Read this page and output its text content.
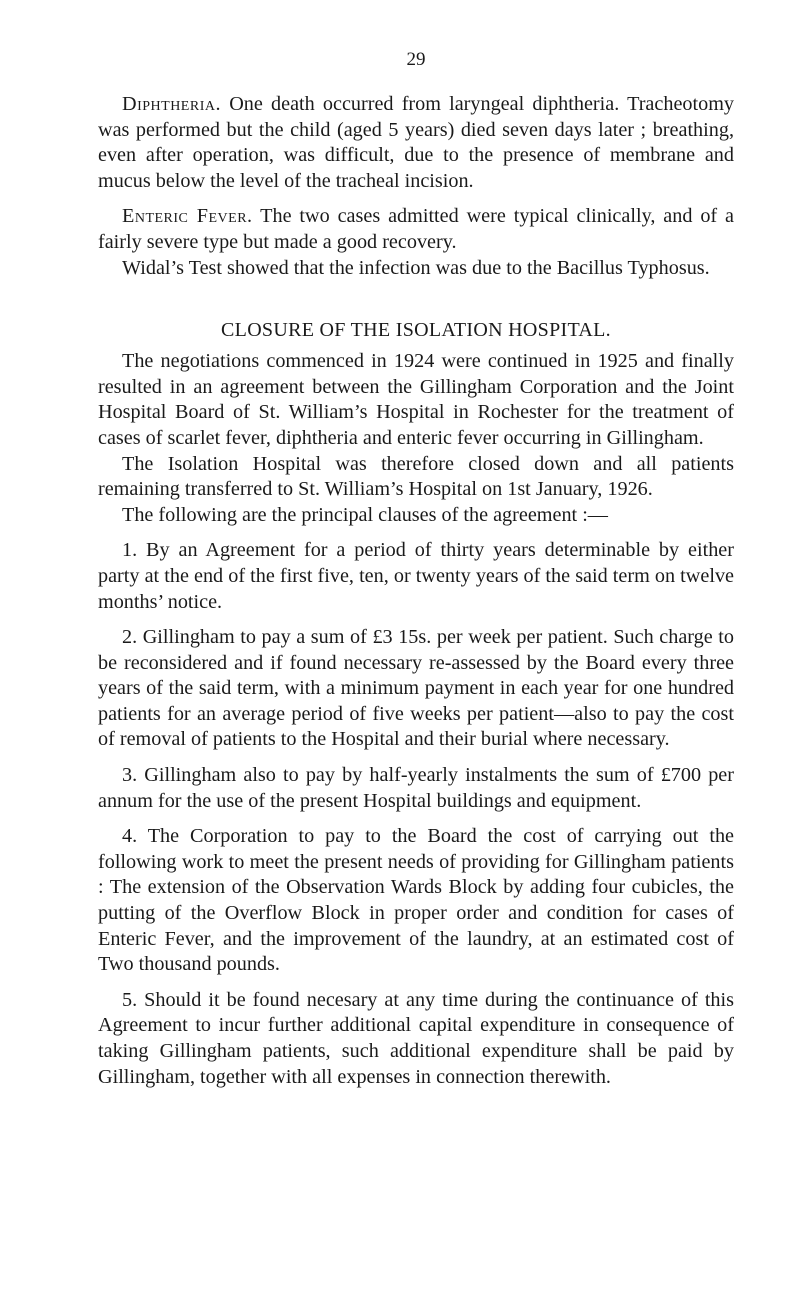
29

Diphtheria. One death occurred from laryngeal diphtheria. Tracheotomy was performed but the child (aged 5 years) died seven days later ; breathing, even after operation, was difficult, due to the presence of membrane and mucus below the level of the tracheal incision.

Enteric Fever. The two cases admitted were typical clinically, and of a fairly severe type but made a good recovery.

Widal’s Test showed that the infection was due to the Bacillus Typhosus.

CLOSURE OF THE ISOLATION HOSPITAL.

The negotiations commenced in 1924 were continued in 1925 and finally resulted in an agreement between the Gillingham Corporation and the Joint Hospital Board of St. William’s Hospital in Rochester for the treatment of cases of scarlet fever, diphtheria and enteric fever occurring in Gillingham.

The Isolation Hospital was therefore closed down and all patients remaining transferred to St. William’s Hospital on 1st January, 1926.

The following are the principal clauses of the agreement :—

1. By an Agreement for a period of thirty years determinable by either party at the end of the first five, ten, or twenty years of the said term on twelve months’ notice.

2. Gillingham to pay a sum of £3 15s. per week per patient. Such charge to be reconsidered and if found necessary re-assessed by the Board every three years of the said term, with a minimum payment in each year for one hundred patients for an average period of five weeks per patient—also to pay the cost of removal of patients to the Hospital and their burial where necessary.

3. Gillingham also to pay by half-yearly instalments the sum of £700 per annum for the use of the present Hospital buildings and equipment.

4. The Corporation to pay to the Board the cost of carrying out the following work to meet the present needs of providing for Gillingham patients : The extension of the Observation Wards Block by adding four cubicles, the putting of the Overflow Block in proper order and condition for cases of Enteric Fever, and the improvement of the laundry, at an estimated cost of Two thousand pounds.

5. Should it be found necesary at any time during the continuance of this Agreement to incur further additional capital expenditure in consequence of taking Gillingham patients, such additional expenditure shall be paid by Gillingham, together with all expenses in connection therewith.
